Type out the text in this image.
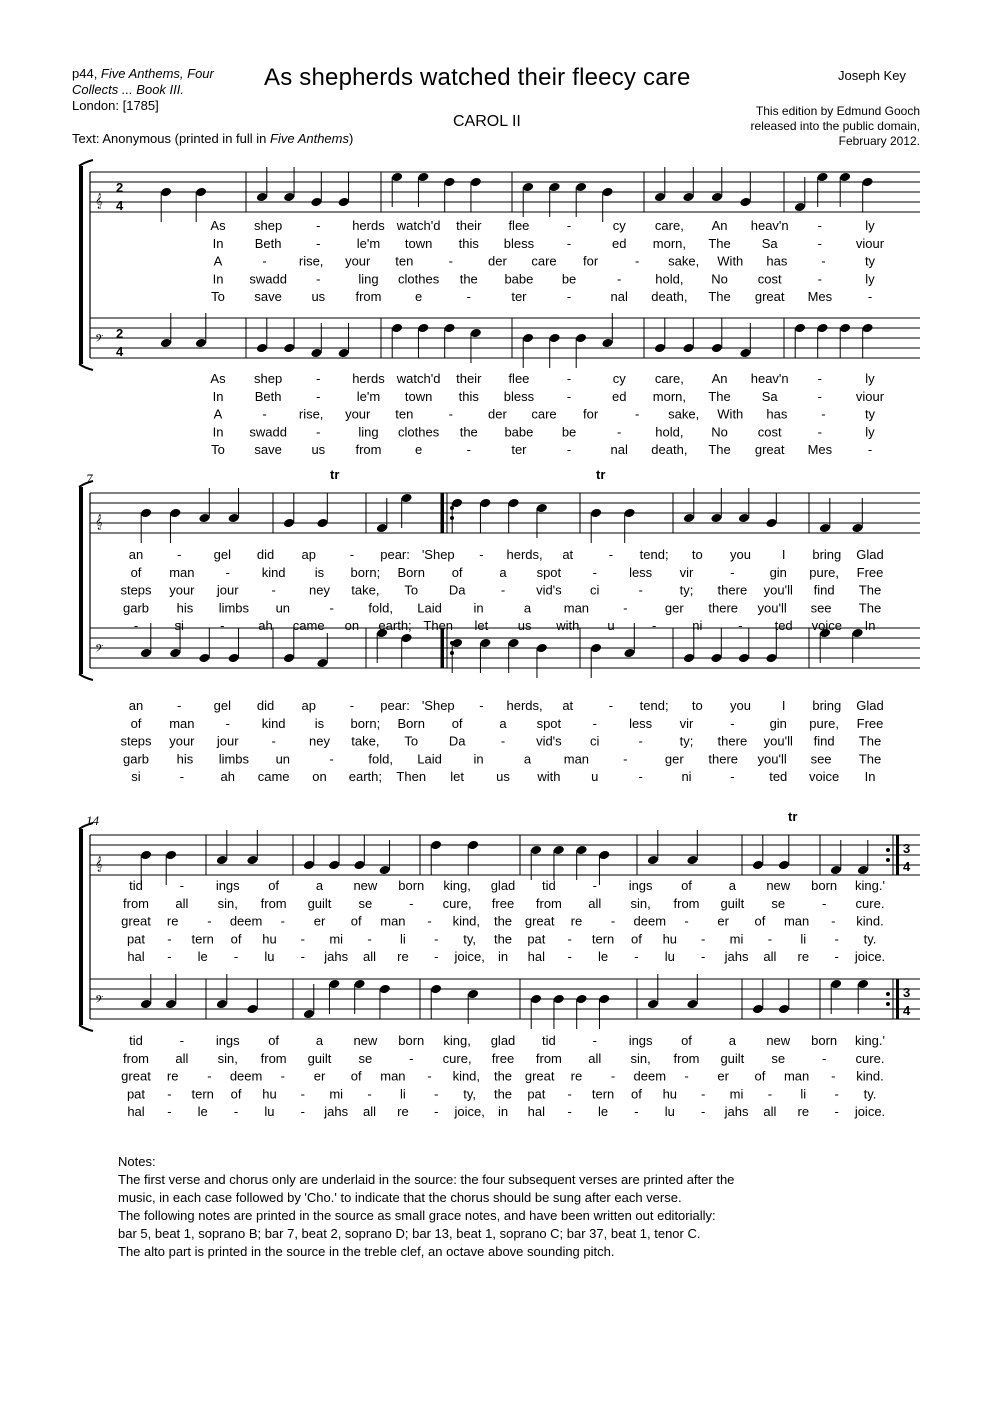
p44, Five Anthems, Four
Collects ... Book III.
London: [1785]
Text: Anonymous (printed in full in Five Anthems)
As shepherds watched their fleecy care
CAROL II
Joseph Key
This edition by Edmund Gooch
released into the public domain,
February 2012.
𝄞
𝄢
2
4
2
4
As shep	- herds watch'd their flee	-	cy care, An heav'n -	ly
In Beth	-	le'm town this bless	-	ed morn, The Sa	-	viour
A	- rise, your ten	-	der care for	- sake, With has	-	ty
In swadd -	ling clothes the babe be	-	hold, No cost	-	ly
To save us from	e	-	ter	-	nal death, The great Mes	-
As shep	- herds watch'd their flee	-	cy care, An heav'n -	ly
In Beth	-	le'm town this bless	-	ed morn, The Sa	-	viour
A	- rise, your ten	-	der care for	- sake, With has	-	ty
In swadd -	ling clothes the babe be	-	hold, No cost	-	ly
To save us from	e	-	ter	-	nal death, The great Mes	-
𝄞
𝄢
7	tr
tr
an	- gel did ap	- pear: 'Shep - herds, at	- tend; to you I bring Glad
of man - kind is born; Born of	a spot - less vir	-	gin pure, Free
steps your jour	-	ney take, To Da	- vid's ci	-	ty; there you'll find The
garb his limbs un	-	fold, Laid in	a	man	-	ger there you'll see The
-	si	-	ah came on earth; Then let us with u	-	ni	- ted voice In
an	- gel did ap	- pear: 'Shep - herds, at	- tend; to you I bring Glad
of man - kind is born; Born of	a spot - less vir	-	gin pure, Free
steps your jour	-	ney take, To Da	- vid's ci	-	ty; there you'll find The
garb his limbs un	-	fold, Laid in	a	man	-	ger there you'll see The
si	-	ah came on earth; Then let us with u	-	ni	-	ted voice In
𝄞
𝄢
14
3
4
3
4
tr
tid	- ings of	a new born king, glad tid	- ings of	a new born king.'
from all sin, from guilt se	- cure, free from all sin, from guilt se	- cure.
great re - deem - er of man - kind, the great re - deem - er of man - kind.
pat - tern of hu - mi - li - ty, the pat - tern of hu - mi - li - ty.
hal - le - lu - jahs all re - joice, in hal - le - lu - jahs all re - joice.
tid	- ings of	a new born king, glad tid	- ings of	a new born king.'
from all sin, from guilt se	- cure, free from all sin, from guilt se	- cure.
great re - deem - er of man - kind, the great re - deem - er of man - kind.
pat - tern of hu - mi - li - ty, the pat - tern of hu - mi - li - ty.
hal - le - lu - jahs all re - joice, in hal - le - lu - jahs all re - joice.
Notes:
The first verse and chorus only are underlaid in the source: the four subsequent verses are printed after the
music, in each case followed by 'Cho.' to indicate that the chorus should be sung after each verse.
The following notes are printed in the source as small grace notes, and have been written out editorially:
bar 5, beat 1, soprano B; bar 7, beat 2, soprano D; bar 13, beat 1, soprano C; bar 37, beat 1, tenor C.
The alto part is printed in the source in the treble clef, an octave above sounding pitch.
